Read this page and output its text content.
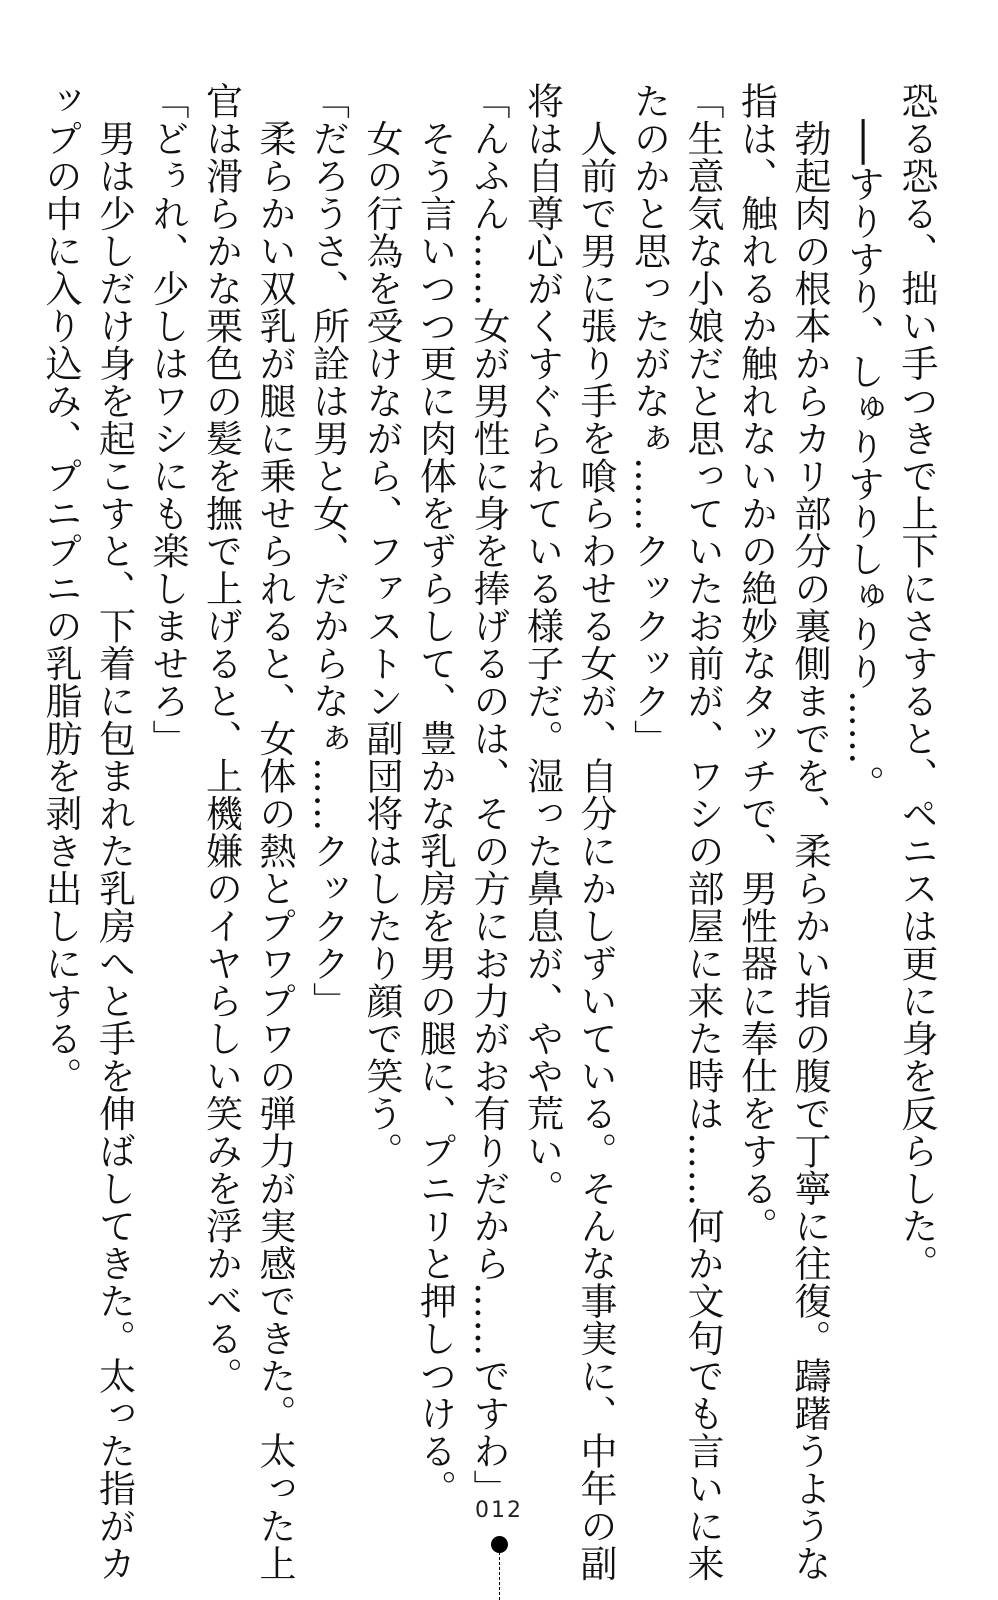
恐る恐る、拙い手つきで上下にさすると、ペニスは更に身を反らした。

　──すりすり、しゅりすりしゅりり……。

　勃起肉の根本からカリ部分の裏側までを、柔らかい指の腹で丁寧に往復。躊躇うような

指は、触れるか触れないかの絶妙なタッチで、男性器に奉仕をする。

「生意気な小娘だと思っていたお前が、ワシの部屋に来た時は……何か文句でも言いに来

たのかと思ったがなぁ……クックック」

　人前で男に張り手を喰らわせる女が、自分にかしずいている。そんな事実に、中年の副

将は自尊心がくすぐられている様子だ。湿った鼻息が、やや荒い。

「んふん……女が男性に身を捧げるのは、その方にお力がお有りだから……ですわ」

　そう言いつつ更に肉体をずらして、豊かな乳房を男の腿に、プニリと押しつける。

　女の行為を受けながら、ファストン副団将はしたり顔で笑う。

「だろうさ、所詮は男と女、だからなぁ……クックク」

　柔らかい双乳が腿に乗せられると、女体の熱とプワプワの弾力が実感できた。太った上

官は滑らかな栗色の髪を撫で上げると、上機嫌のイヤらしい笑みを浮かべる。

「どぅれ、少しはワシにも楽しませろ」

　男は少しだけ身を起こすと、下着に包まれた乳房へと手を伸ばしてきた。太った指がカ

ップの中に入り込み、プニプニの乳脂肪を剥き出しにする。

012
